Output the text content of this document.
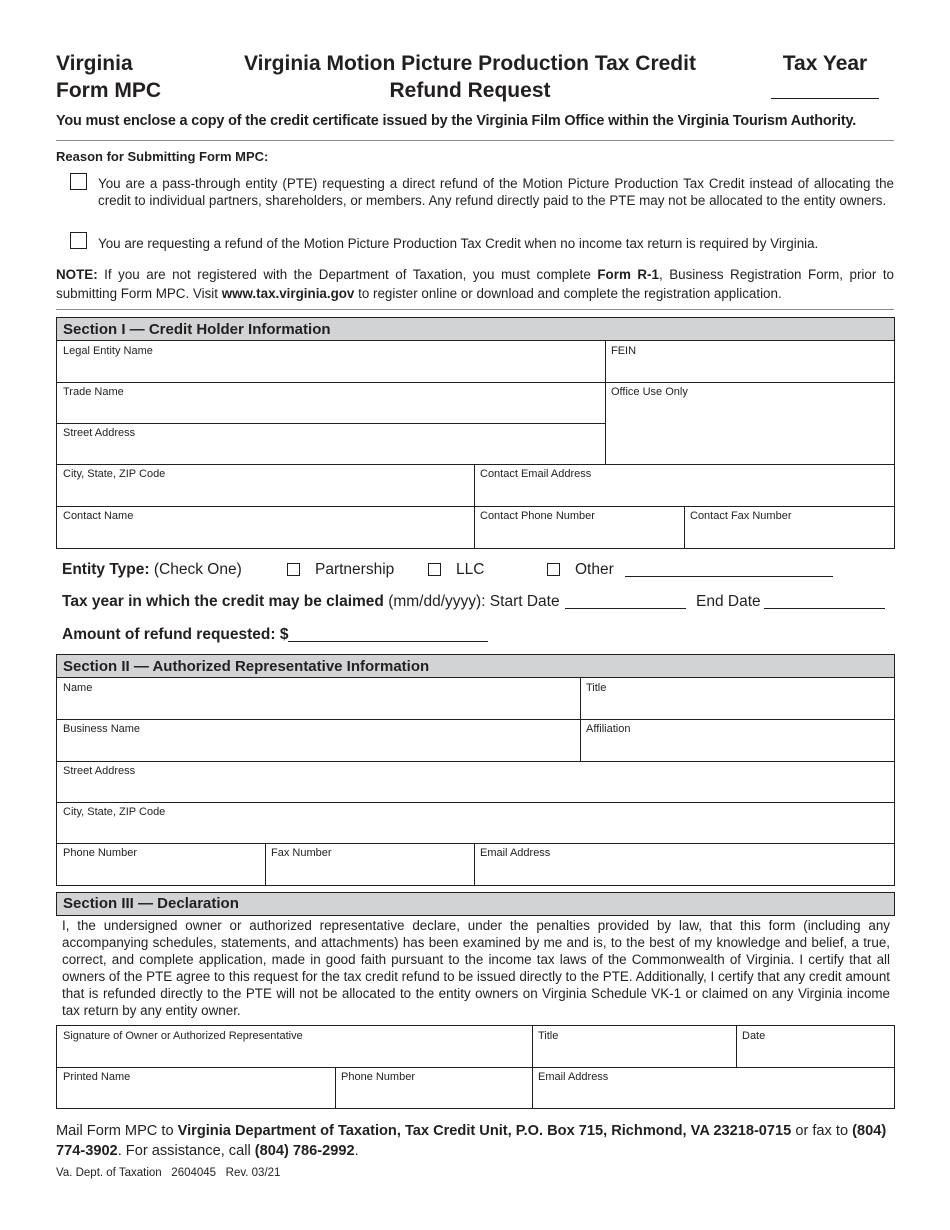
Virginia
Form MPC
Virginia Motion Picture Production Tax Credit
Refund Request
Tax Year
You must enclose a copy of the credit certificate issued by the Virginia Film Office within the Virginia Tourism Authority.
Reason for Submitting Form MPC:
You are a pass-through entity (PTE) requesting a direct refund of the Motion Picture Production Tax Credit instead of allocating the credit to individual partners, shareholders, or members. Any refund directly paid to the PTE may not be allocated to the entity owners.
You are requesting a refund of the Motion Picture Production Tax Credit when no income tax return is required by Virginia.
NOTE: If you are not registered with the Department of Taxation, you must complete Form R-1, Business Registration Form, prior to submitting Form MPC. Visit www.tax.virginia.gov to register online or download and complete the registration application.
Section I — Credit Holder Information
Legal Entity Name	FEIN
Trade Name	Office Use Only
Street Address
City, State, ZIP Code	Contact Email Address
Contact Name	Contact Phone Number	Contact Fax Number
Entity Type: (Check One)	Partnership	LLC	Other
Tax year in which the credit may be claimed (mm/dd/yyyy): Start Date	End Date
Amount of refund requested: $
Section II — Authorized Representative Information
Name	Title
Business Name	Affiliation
Street Address
City, State, ZIP Code
Phone Number	Fax Number	Email Address
Section III — Declaration
I, the undersigned owner or authorized representative declare, under the penalties provided by law, that this form (including any accompanying schedules, statements, and attachments) has been examined by me and is, to the best of my knowledge and belief, a true, correct, and complete application, made in good faith pursuant to the income tax laws of the Commonwealth of Virginia. I certify that all owners of the PTE agree to this request for the tax credit refund to be issued directly to the PTE. Additionally, I certify that any credit amount that is refunded directly to the PTE will not be allocated to the entity owners on Virginia Schedule VK-1 or claimed on any Virginia income tax return by any entity owner.
Signature of Owner or Authorized Representative	Title	Date
Printed Name	Phone Number	Email Address
Mail Form MPC to Virginia Department of Taxation, Tax Credit Unit, P.O. Box 715, Richmond, VA 23218-0715 or fax to (804) 774-3902. For assistance, call (804) 786-2992.
Va. Dept. of Taxation 2604045 Rev. 03/21
